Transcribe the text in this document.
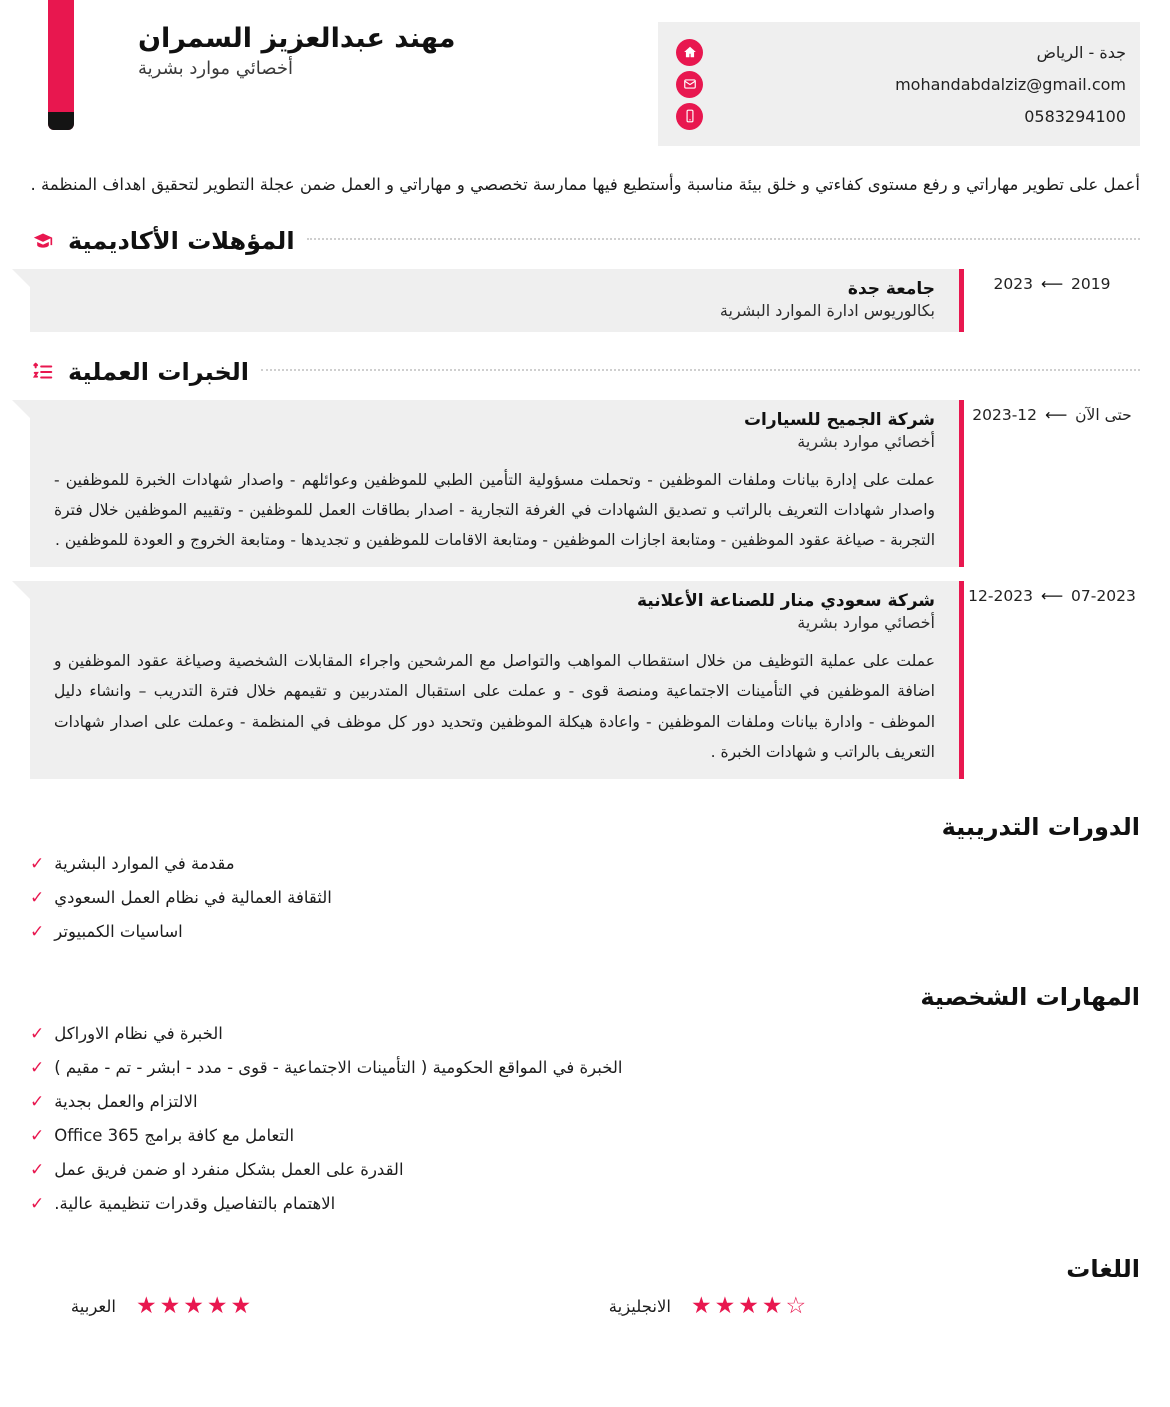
مهند عبدالعزيز السمران
أخصائي موارد بشرية
جدة - الرياض
mohandabdalziz@gmail.com
0583294100
أعمل على تطوير مهاراتي و رفع مستوى كفاءتي و خلق بيئة مناسبة وأستطيع فيها ممارسة تخصصي و مهاراتي و العمل ضمن عجلة التطوير لتحقيق اهداف المنظمة .
المؤهلات الأكاديمية
2023 ⟵ 2019
جامعة جدة
بكالوريوس ادارة الموارد البشرية
الخبرات العملية
حتى الآن ⟵ 12-2023
شركة الجميح للسيارات
أخصائي موارد بشرية
عملت على إدارة بيانات وملفات الموظفين - وتحملت مسؤولية التأمين الطبي للموظفين وعوائلهم - واصدار شهادات الخبرة للموظفين - واصدار شهادات التعريف بالراتب و تصديق الشهادات في الغرفة التجارية - اصدار بطاقات العمل للموظفين - وتقييم الموظفين خلال فترة التجربة - صياغة عقود الموظفين - ومتابعة اجازات الموظفين - ومتابعة الاقامات للموظفين و تجديدها - ومتابعة الخروج و العودة للموظفين .
12-2023 ⟵ 07-2023
شركة سعودي منار للصناعة الأعلانية
أخصائي موارد بشرية
عملت على عملية التوظيف من خلال استقطاب المواهب والتواصل مع المرشحين واجراء المقابلات الشخصية وصياغة عقود الموظفين و اضافة الموظفين في التأمينات الاجتماعية ومنصة قوى - و عملت على استقبال المتدربين و تقيمهم خلال فترة التدريب – وانشاء دليل الموظف - وادارة بيانات وملفات الموظفين - واعادة هيكلة الموظفين وتحديد دور كل موظف في المنظمة - وعملت على اصدار شهادات التعريف بالراتب و شهادات الخبرة .
الدورات التدريبية
✓ مقدمة في الموارد البشرية
✓ الثقافة العمالية في نظام العمل السعودي
✓ اساسيات الكمبيوتر
المهارات الشخصية
✓ الخبرة في نظام الاوراكل
✓ الخبرة في المواقع الحكومية ( التأمينات الاجتماعية - قوى - مدد - ابشر - تم - مقيم )
✓ الالتزام والعمل بجدية
✓ التعامل مع كافة برامج Office 365
✓ القدرة على العمل بشكل منفرد او ضمن فريق عمل
✓ الاهتمام بالتفاصيل وقدرات تنظيمية عالية.
اللغات
العربية ★★★★★	الانجليزية ★★★★☆
